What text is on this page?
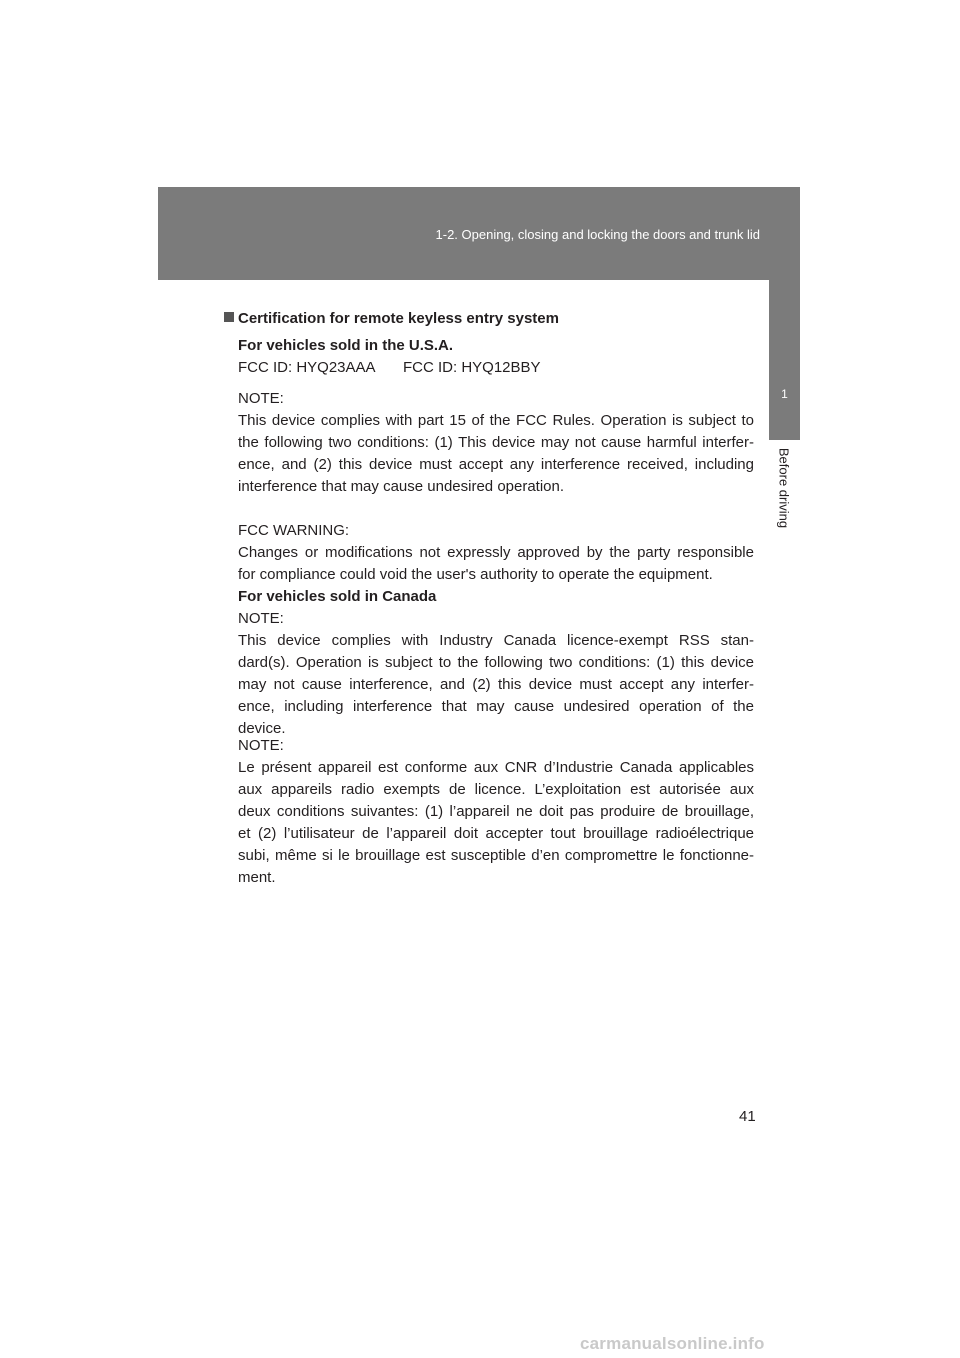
1-2. Opening, closing and locking the doors and trunk lid
1
Before driving
Certification for remote keyless entry system

For vehicles sold in the U.S.A.

FCC ID: HYQ23AAA	FCC ID: HYQ12BBY

NOTE:

This device complies with part 15 of the FCC Rules. Operation is subject to

the following two conditions: (1) This device may not cause harmful interfer-

ence, and (2) this device must accept any interference received, including

interference that may cause undesired operation.

FCC WARNING:

Changes or modifications not expressly approved by the party responsible

for compliance could void the user's authority to operate the equipment.

For vehicles sold in Canada

NOTE:

This device complies with Industry Canada licence-exempt RSS stan-

dard(s). Operation is subject to the following two conditions: (1) this device

may not cause interference, and (2) this device must accept any interfer-

ence, including interference that may cause undesired operation of the

device.

NOTE:

Le présent appareil est conforme aux CNR d’Industrie Canada applicables

aux appareils radio exempts de licence. L’exploitation est autorisée aux

deux conditions suivantes: (1) l’appareil ne doit pas produire de brouillage,

et (2) l’utilisateur de l’appareil doit accepter tout brouillage radioélectrique

subi, même si le brouillage est susceptible d’en compromettre le fonctionne-

ment.

41
carmanualsonline.info
